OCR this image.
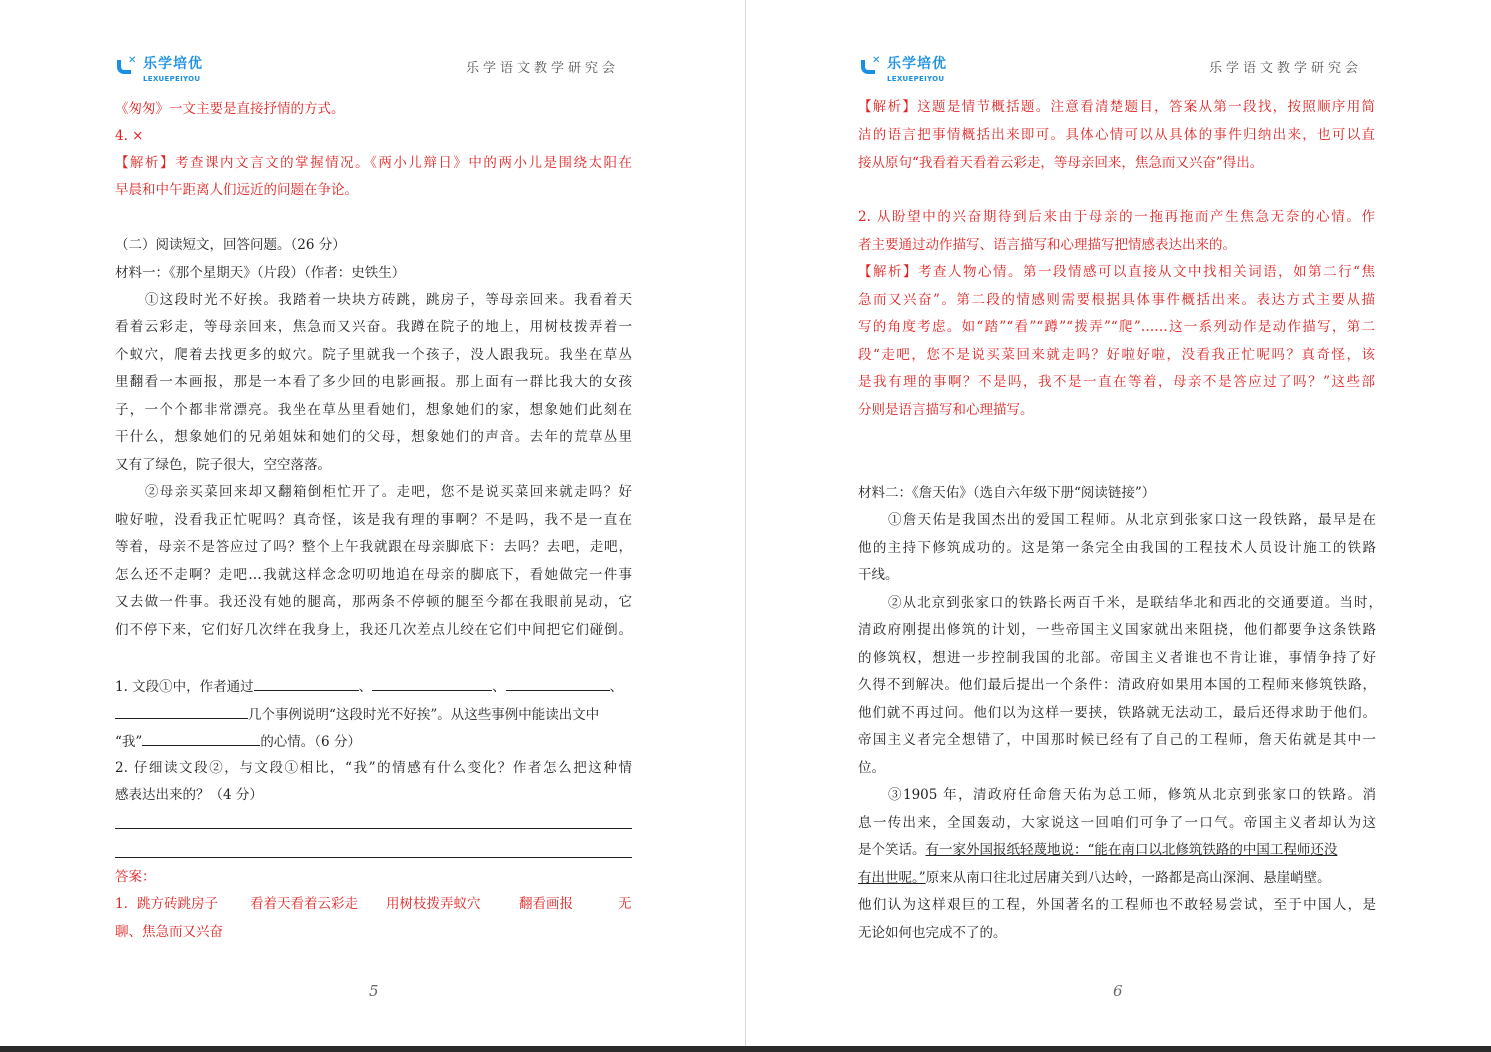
✕ 乐学培优
LEXUEPEIYOU
乐学语文教学研究会
《匆匆》一文主要是直接抒情的方式。
4. ×
【解析】考查课内文言文的掌握情况。《两小儿辩日》中的两小儿是围绕太阳在
早晨和中午距离人们远近的问题在争论。
（二）阅读短文，回答问题。（26 分）
材料一：《那个星期天》（片段）（作者：史铁生）
①这段时光不好挨。我踏着一块块方砖跳，跳房子，等母亲回来。我看着天
看着云彩走，等母亲回来，焦急而又兴奋。我蹲在院子的地上，用树枝拨弄着一
个蚁穴，爬着去找更多的蚁穴。院子里就我一个孩子，没人跟我玩。我坐在草丛
里翻看一本画报，那是一本看了多少回的电影画报。那上面有一群比我大的女孩
子，一个个都非常漂亮。我坐在草丛里看她们，想象她们的家，想象她们此刻在
干什么，想象她们的兄弟姐妹和她们的父母，想象她们的声音。去年的荒草丛里
又有了绿色，院子很大，空空落落。
②母亲买菜回来却又翻箱倒柜忙开了。走吧，您不是说买菜回来就走吗？好
啦好啦，没看我正忙呢吗？真奇怪，该是我有理的事啊？不是吗，我不是一直在
等着，母亲不是答应过了吗？整个上午我就跟在母亲脚底下：去吗？去吧，走吧，
怎么还不走啊？走吧…我就这样念念叨叨地追在母亲的脚底下，看她做完一件事
又去做一件事。我还没有她的腿高，那两条不停顿的腿至今都在我眼前晃动，它
们不停下来，它们好几次绊在我身上，我还几次差点儿绞在它们中间把它们碰倒。
1. 文段①中，作者通过	、	、	、
几个事例说明“这段时光不好挨”。从这些事例中能读出文中
“我”	的心情。（6 分）
2. 仔细读文段②，与文段①相比，“我”的情感有什么变化？作者怎么把这种情
感表达出来的？（4 分）
答案：
1. 跳方砖跳房子 看着天看着云彩走 用树枝拨弄蚁穴	翻看画报	无
聊、焦急而又兴奋
5
✕ 乐学培优
LEXUEPEIYOU
乐学语文教学研究会
【解析】这题是情节概括题。注意看清楚题目，答案从第一段找，按照顺序用简
洁的语言把事情概括出来即可。具体心情可以从具体的事件归纳出来，也可以直
接从原句“我看着天看着云彩走，等母亲回来，焦急而又兴奋”得出。
2. 从盼望中的兴奋期待到后来由于母亲的一拖再拖而产生焦急无奈的心情。作
者主要通过动作描写、语言描写和心理描写把情感表达出来的。
【解析】考查人物心情。第一段情感可以直接从文中找相关词语，如第二行“焦
急而又兴奋”。第二段的情感则需要根据具体事件概括出来。表达方式主要从描
写的角度考虑。如“踏”“看”“蹲”“拨弄”“爬”……这一系列动作是动作描写，第二
段“走吧，您不是说买菜回来就走吗？好啦好啦，没看我正忙呢吗？真奇怪，该
是我有理的事啊？不是吗，我不是一直在等着，母亲不是答应过了吗？”这些部
分则是语言描写和心理描写。
材料二：《詹天佑》（选自六年级下册“阅读链接”）
①詹天佑是我国杰出的爱国工程师。从北京到张家口这一段铁路，最早是在
他的主持下修筑成功的。这是第一条完全由我国的工程技术人员设计施工的铁路
干线。
②从北京到张家口的铁路长两百千米，是联结华北和西北的交通要道。当时，
清政府刚提出修筑的计划，一些帝国主义国家就出来阻挠，他们都要争这条铁路
的修筑权，想进一步控制我国的北部。帝国主义者谁也不肯让谁，事情争持了好
久得不到解决。他们最后提出一个条件：清政府如果用本国的工程师来修筑铁路，
他们就不再过问。他们以为这样一要挟，铁路就无法动工，最后还得求助于他们。
帝国主义者完全想错了，中国那时候已经有了自己的工程师，詹天佑就是其中一
位。
③1905 年，清政府任命詹天佑为总工师，修筑从北京到张家口的铁路。消
息一传出来，全国轰动，大家说这一回咱们可争了一口气。帝国主义者却认为这
是个笑话。有一家外国报纸轻蔑地说：“能在南口以北修筑铁路的中国工程师还没
有出世呢。”原来从南口往北过居庸关到八达岭，一路都是高山深涧、悬崖峭壁。
他们认为这样艰巨的工程，外国著名的工程师也不敢轻易尝试，至于中国人，是
无论如何也完成不了的。
6
